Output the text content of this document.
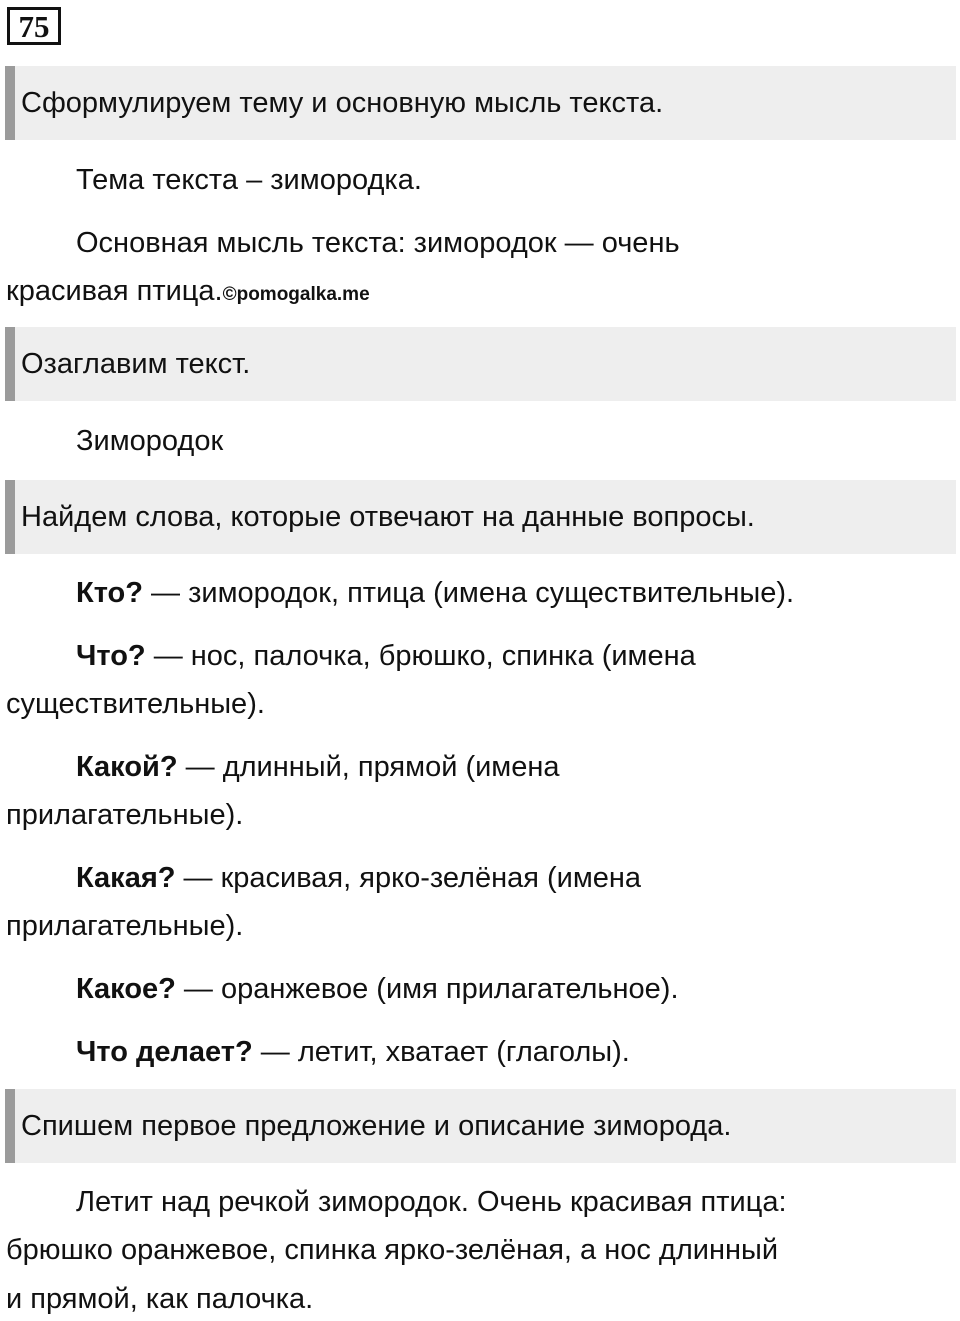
75
Сформулируем тему и основную мысль текста.
Тема текста – зимородка.
Основная мысль текста: зимородок — очень
красивая птица.©pomogalka.me
Озаглавим текст.
Зимородок
Найдем слова, которые отвечают на данные вопросы.
Кто? — зимородок, птица (имена существительные).
Что? — нос, палочка, брюшко, спинка (имена
существительные).
Какой? — длинный, прямой (имена
прилагательные).
Какая? — красивая, ярко-зелёная (имена
прилагательные).
Какое? — оранжевое (имя прилагательное).
Что делает? — летит, хватает (глаголы).
Спишем первое предложение и описание зиморода.
Летит над речкой зимородок. Очень красивая птица:
брюшко оранжевое, спинка ярко-зелёная, а нос длинный
и прямой, как палочка.
